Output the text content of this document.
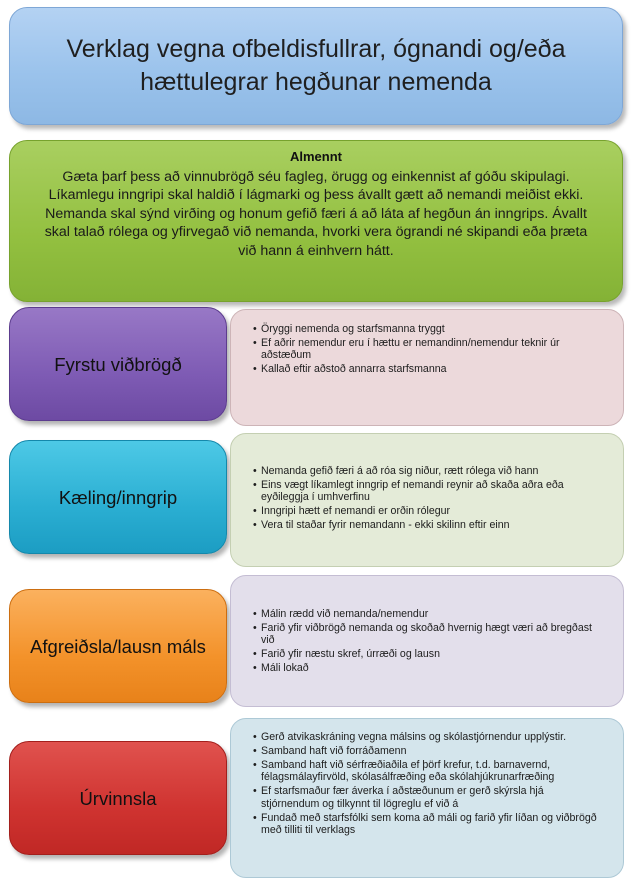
Verklag vegna ofbeldisfullrar, ógnandi og/eða hættulegrar hegðunar nemenda
Almennt
Gæta þarf þess að vinnubrögð séu fagleg, örugg og einkennist af góðu skipulagi. Líkamlegu inngripi skal haldið í lágmarki og þess ávallt gætt að nemandi meiðist ekki. Nemanda skal sýnd virðing og honum gefið færi á að láta af hegðun án inngrips. Ávallt skal talað rólega og yfirvegað við nemanda, hvorki vera ögrandi né skipandi eða þræta við hann á einhvern hátt.
Fyrstu viðbrögð
• Öryggi nemenda og starfsmanna tryggt
• Ef aðrir nemendur eru í hættu er nemandinn/nemendur teknir úr aðstæðum
• Kallað eftir aðstoð annarra starfsmanna
Kæling/inngrip
• Nemanda gefið færi á að róa sig niður, rætt rólega við hann
• Eins vægt líkamlegt inngrip ef nemandi reynir að skaða aðra eða eyðileggja í umhverfinu
• Inngripi hætt ef nemandi er orðin rólegur
• Vera til staðar fyrir nemandann - ekki skilinn eftir einn
Afgreiðsla/lausn máls
• Málin rædd við nemanda/nemendur
• Farið yfir viðbrögð nemanda og skoðað hvernig hægt væri að bregðast við
• Farið yfir næstu skref, úrræði og lausn
• Máli lokað
Úrvinnsla
• Gerð atvikaskráning vegna málsins og skólastjórnendur upplýstir.
• Samband haft við forráðamenn
• Samband haft við sérfræðiaðila ef þörf krefur, t.d. barnavernd, félagsmálayfirvöld, skólasálfræðing eða skólahjúkrunarfræðing
• Ef starfsmaður fær áverka í aðstæðunum er gerð skýrsla hjá stjórnendum og tilkynnt til lögreglu ef við á
• Fundað með starfsfólki sem koma að máli og farið yfir líðan og viðbrögð með tilliti til verklags
